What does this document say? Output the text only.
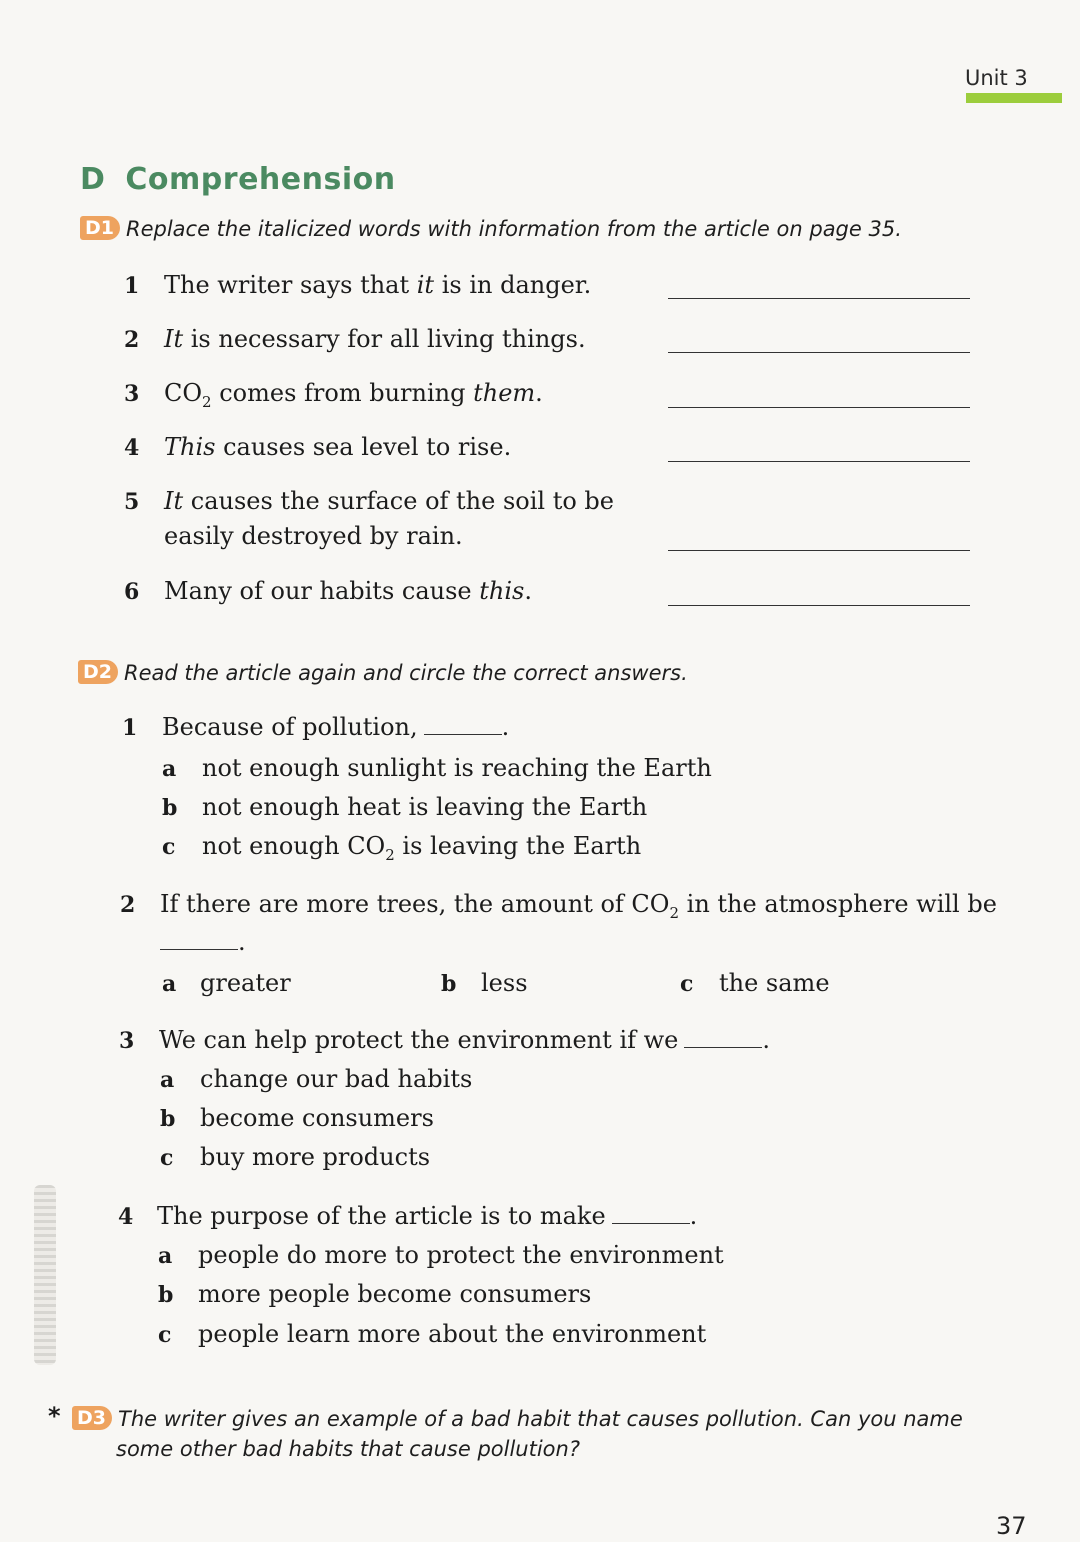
Unit 3
D Comprehension
D1 Replace the italicized words with information from the article on page 35.
1 The writer says that it is in danger.
2 It is necessary for all living things.
3 $CO_2$ comes from burning them.
4 This causes sea level to rise.
5 It causes the surface of the soil to be
easily destroyed by rain.
6 Many of our habits cause this.
D2 Read the article again and circle the correct answers.
1 Because of pollution,	.
a not enough sunlight is reaching the Earth
b not enough heat is leaving the Earth
c not enough $CO_2$ is leaving the Earth
2 If there are more trees, the amount of $CO_2$ in the atmosphere will be
.
a greater	b less	c the same
3 We can help protect the environment if we	.
a change our bad habits
b become consumers
c buy more products
4 The purpose of the article is to make	.
a people do more to protect the environment
b more people become consumers
c people learn more about the environment
* D3 The writer gives an example of a bad habit that causes pollution. Can you name
some other bad habits that cause pollution?
37
